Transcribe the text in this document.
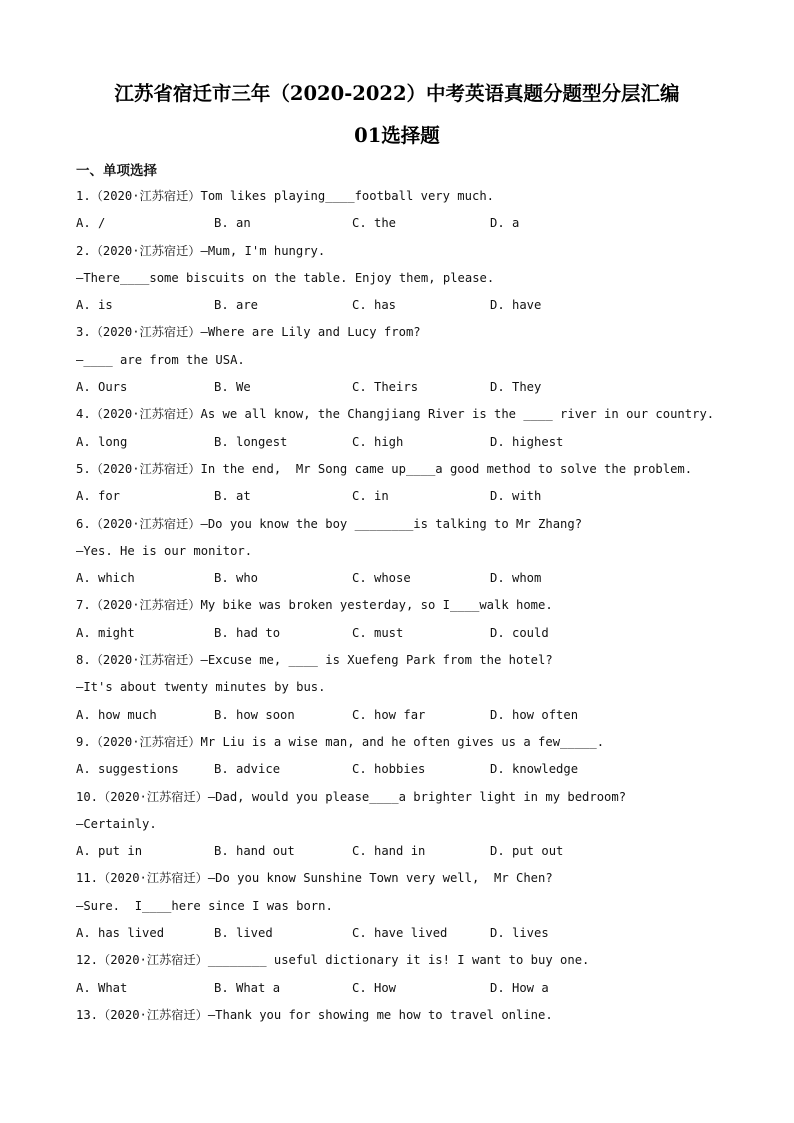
江苏省宿迁市三年（2020-2022）中考英语真题分题型分层汇编
01选择题
一、单项选择
1.（2020·江苏宿迁）Tom likes playing____football very much.
A. /	B. an	C. the	D. a
2.（2020·江苏宿迁）—Mum, I'm hungry.
—There____some biscuits on the table. Enjoy them, please.
A. is	B. are	C. has	D. have
3.（2020·江苏宿迁）—Where are Lily and Lucy from?
—____ are from the USA.
A. Ours	B. We	C. Theirs	D. They
4.（2020·江苏宿迁）As we all know, the Changjiang River is the ____ river in our country.
A. long	B. longest	C. high	D. highest
5.（2020·江苏宿迁）In the end,  Mr Song came up____a good method to solve the problem.
A. for	B. at	C. in	D. with
6.（2020·江苏宿迁）—Do you know the boy ________is talking to Mr Zhang?
—Yes. He is our monitor.
A. which	B. who	C. whose	D. whom
7.（2020·江苏宿迁）My bike was broken yesterday, so I____walk home.
A. might	B. had to	C. must	D. could
8.（2020·江苏宿迁）—Excuse me, ____ is Xuefeng Park from the hotel?
—It's about twenty minutes by bus.
A. how much	B. how soon	C. how far	D. how often
9.（2020·江苏宿迁）Mr Liu is a wise man, and he often gives us a few_____.
A. suggestions	B. advice	C. hobbies	D. knowledge
10.（2020·江苏宿迁）—Dad, would you please____a brighter light in my bedroom?
—Certainly.
A. put in	B. hand out	C. hand in	D. put out
11.（2020·江苏宿迁）—Do you know Sunshine Town very well,  Mr Chen?
—Sure.  I____here since I was born.
A. has lived	B. lived	C. have lived	D. lives
12.（2020·江苏宿迁）________ useful dictionary it is! I want to buy one.
A. What	B. What a	C. How	D. How a
13.（2020·江苏宿迁）—Thank you for showing me how to travel online.
